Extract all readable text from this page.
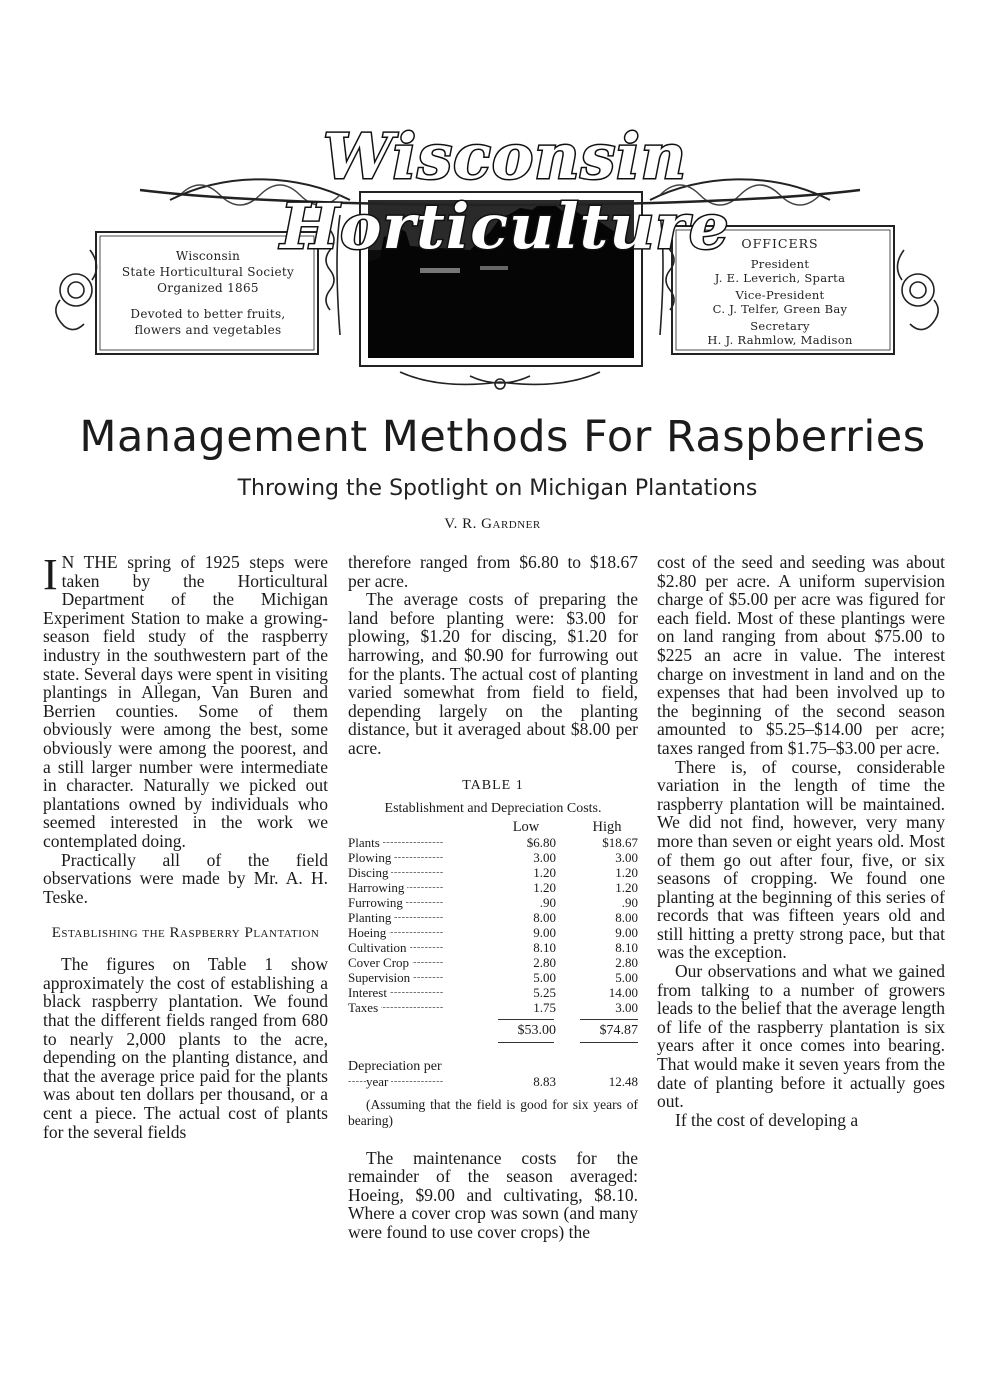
Wisconsin Horticulture
Wisconsin
State Horticultural Society
Organized 1865
Devoted to better fruits,
flowers and vegetables
OFFICERS
President
J. E. Leverich, Sparta
Vice-President
C. J. Telfer, Green Bay
Secretary
H. J. Rahmlow, Madison
Management Methods For Raspberries
Throwing the Spotlight on Michigan Plantations
V. R. Gardner

I N THE spring of 1925 steps were taken by the Horticultural Department of the Michigan Experiment Station to make a growing-season field study of the raspberry industry in the southwestern part of the state. Several days were spent in visiting plantings in Allegan, Van Buren and Berrien counties. Some of them obviously were among the best, some obviously were among the poorest, and a still larger number were intermediate in character. Naturally we picked out plantations owned by individuals who seemed interested in the work we contemplated doing.

Practically all of the field observations were made by Mr. A. H. Teske.

Establishing the Raspberry Plantation

The figures on Table 1 show approximately the cost of establishing a black raspberry plantation. We found that the different fields ranged from 680 to nearly 2,000 plants to the acre, depending on the planting distance, and that the average price paid for the plants was about ten dollars per thousand, or a cent a piece. The actual cost of plants for the several fields

therefore ranged from $6.80 to $18.67 per acre.

The average costs of preparing the land before planting were: $3.00 for plowing, $1.20 for discing, $1.20 for harrowing, and $0.90 for furrowing out for the plants. The actual cost of planting varied somewhat from field to field, depending largely on the planting distance, but it averaged about $8.00 per acre.

TABLE 1
Establishment and Depreciation Costs.
Low	High
Plants - - -	$6.80	$18.67
Plowing - - -	3.00	3.00
Discing - - -	1.20	1.20
Harrowing - - -	1.20	1.20
Furrowing - - -	.90	.90
Planting - - -	8.00	8.00
Hoeing - - -	9.00	9.00
Cultivation - - -	8.10	8.10
Cover Crop - - -	2.80	2.80
Supervision - - -	5.00	5.00
Interest - - -	5.25	14.00
Taxes - - -	1.75	3.00
$53.00	$74.87
Depreciation per
year - - -	8.83	12.48
(Assuming that the field is good for six years of bearing)

The maintenance costs for the remainder of the season averaged: Hoeing, $9.00 and cultivating, $8.10. Where a cover crop was sown (and many were found to use cover crops) the

cost of the seed and seeding was about $2.80 per acre. A uniform supervision charge of $5.00 per acre was figured for each field. Most of these plantings were on land ranging from about $75.00 to $225 an acre in value. The interest charge on investment in land and on the expenses that had been involved up to the beginning of the second season amounted to $5.25–$14.00 per acre; taxes ranged from $1.75–$3.00 per acre.

There is, of course, considerable variation in the length of time the raspberry plantation will be maintained. We did not find, however, very many more than seven or eight years old. Most of them go out after four, five, or six seasons of cropping. We found one planting at the beginning of this series of records that was fifteen years old and still hitting a pretty strong pace, but that was the exception.

Our observations and what we gained from talking to a number of growers leads to the belief that the average length of life of the raspberry plantation is six years after it once comes into bearing. That would make it seven years from the date of planting before it actually goes out.

If the cost of developing a
